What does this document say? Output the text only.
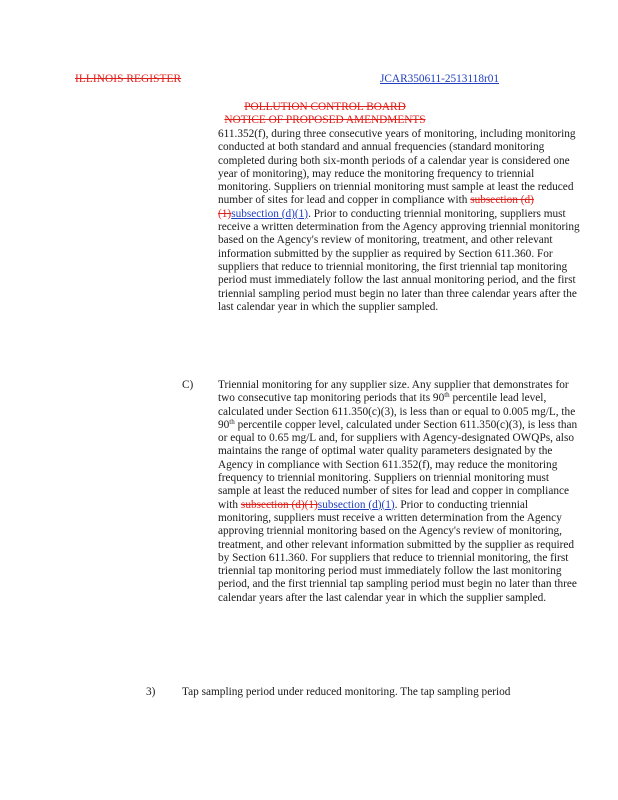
ILLINOIS REGISTER	JCAR350611-2513118r01
POLLUTION CONTROL BOARD
NOTICE OF PROPOSED AMENDMENTS
611.352(f), during three consecutive years of monitoring, including monitoring conducted at both standard and annual frequencies (standard monitoring completed during both six-month periods of a calendar year is considered one year of monitoring), may reduce the monitoring frequency to triennial monitoring. Suppliers on triennial monitoring must sample at least the reduced number of sites for lead and copper in compliance with subsection (d)(1)subsection (d)(1). Prior to conducting triennial monitoring, suppliers must receive a written determination from the Agency approving triennial monitoring based on the Agency's review of monitoring, treatment, and other relevant information submitted by the supplier as required by Section 611.360. For suppliers that reduce to triennial monitoring, the first triennial tap monitoring period must immediately follow the last annual monitoring period, and the first triennial sampling period must begin no later than three calendar years after the last calendar year in which the supplier sampled.
C) Triennial monitoring for any supplier size. Any supplier that demonstrates for two consecutive tap monitoring periods that its 90th percentile lead level, calculated under Section 611.350(c)(3), is less than or equal to 0.005 mg/L, the 90th percentile copper level, calculated under Section 611.350(c)(3), is less than or equal to 0.65 mg/L and, for suppliers with Agency-designated OWQPs, also maintains the range of optimal water quality parameters designated by the Agency in compliance with Section 611.352(f), may reduce the monitoring frequency to triennial monitoring. Suppliers on triennial monitoring must sample at least the reduced number of sites for lead and copper in compliance with subsection (d)(1)subsection (d)(1). Prior to conducting triennial monitoring, suppliers must receive a written determination from the Agency approving triennial monitoring based on the Agency's review of monitoring, treatment, and other relevant information submitted by the supplier as required by Section 611.360. For suppliers that reduce to triennial monitoring, the first triennial tap monitoring period must immediately follow the last monitoring period, and the first triennial tap sampling period must begin no later than three calendar years after the last calendar year in which the supplier sampled.
3) Tap sampling period under reduced monitoring. The tap sampling period
